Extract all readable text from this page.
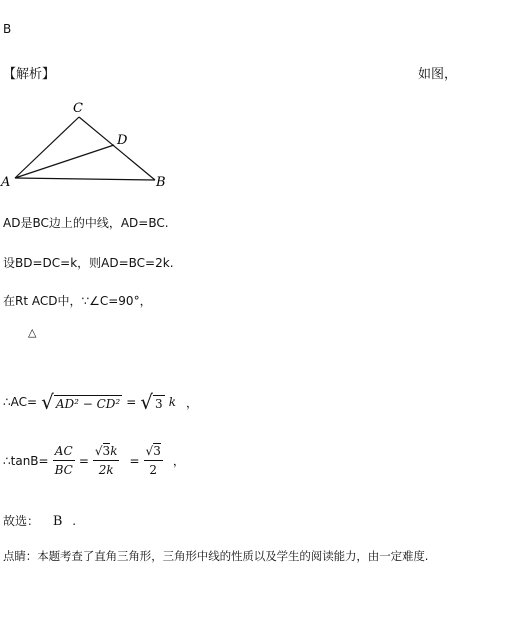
B
【解析】	如图，
C
D
A	B
AD是BC边上的中线，AD=BC.
设BD=DC=k，则AD=BC=2k.
在Rt ACD中，∵∠C=90°，
△
∴AC= √ AD² − CD² = √ 3 k ，
∴tanB= $\frac{AC}{BC} = \frac{√3k}{2k} = \frac{√3}{2}$ ，
故选： B .
点睛：本题考查了直角三角形，三角形中线的性质以及学生的阅读能力，由一定难度.
